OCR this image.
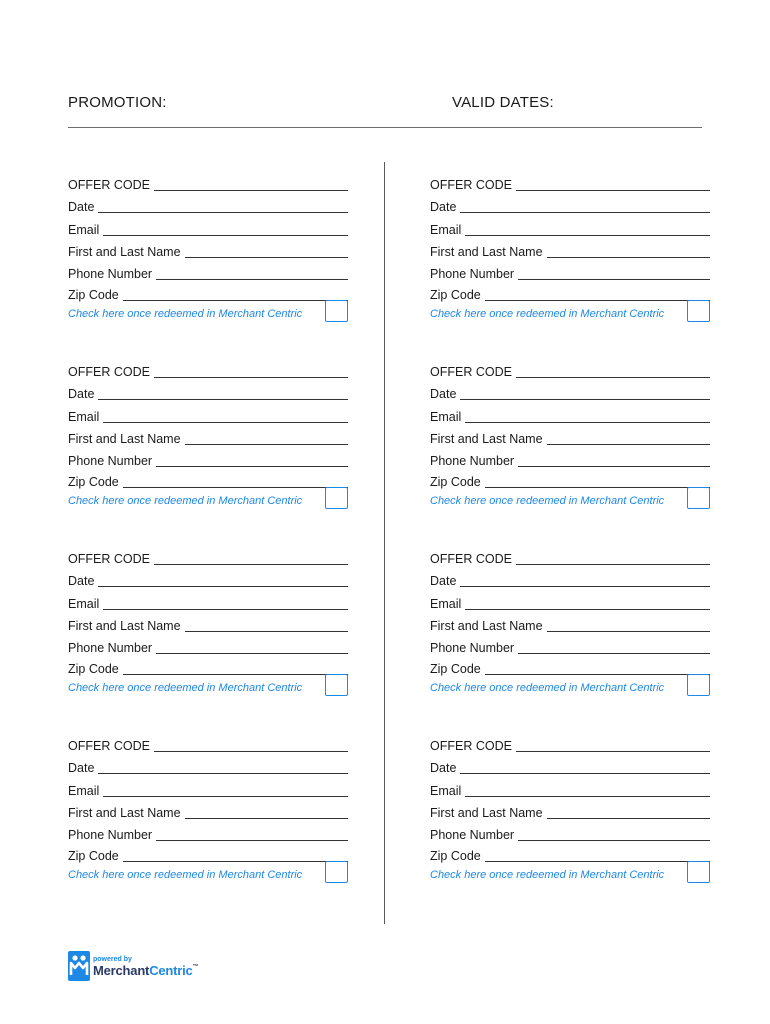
PROMOTION:	VALID DATES:
OFFER CODE
Date
Email
First and Last Name
Phone Number
Zip Code
Check here once redeemed in Merchant Centric
OFFER CODE
Date
Email
First and Last Name
Phone Number
Zip Code
Check here once redeemed in Merchant Centric
OFFER CODE
Date
Email
First and Last Name
Phone Number
Zip Code
Check here once redeemed in Merchant Centric
OFFER CODE
Date
Email
First and Last Name
Phone Number
Zip Code
Check here once redeemed in Merchant Centric
OFFER CODE
Date
Email
First and Last Name
Phone Number
Zip Code
Check here once redeemed in Merchant Centric
OFFER CODE
Date
Email
First and Last Name
Phone Number
Zip Code
Check here once redeemed in Merchant Centric
OFFER CODE
Date
Email
First and Last Name
Phone Number
Zip Code
Check here once redeemed in Merchant Centric
OFFER CODE
Date
Email
First and Last Name
Phone Number
Zip Code
Check here once redeemed in Merchant Centric
powered by
MerchantCentric™
